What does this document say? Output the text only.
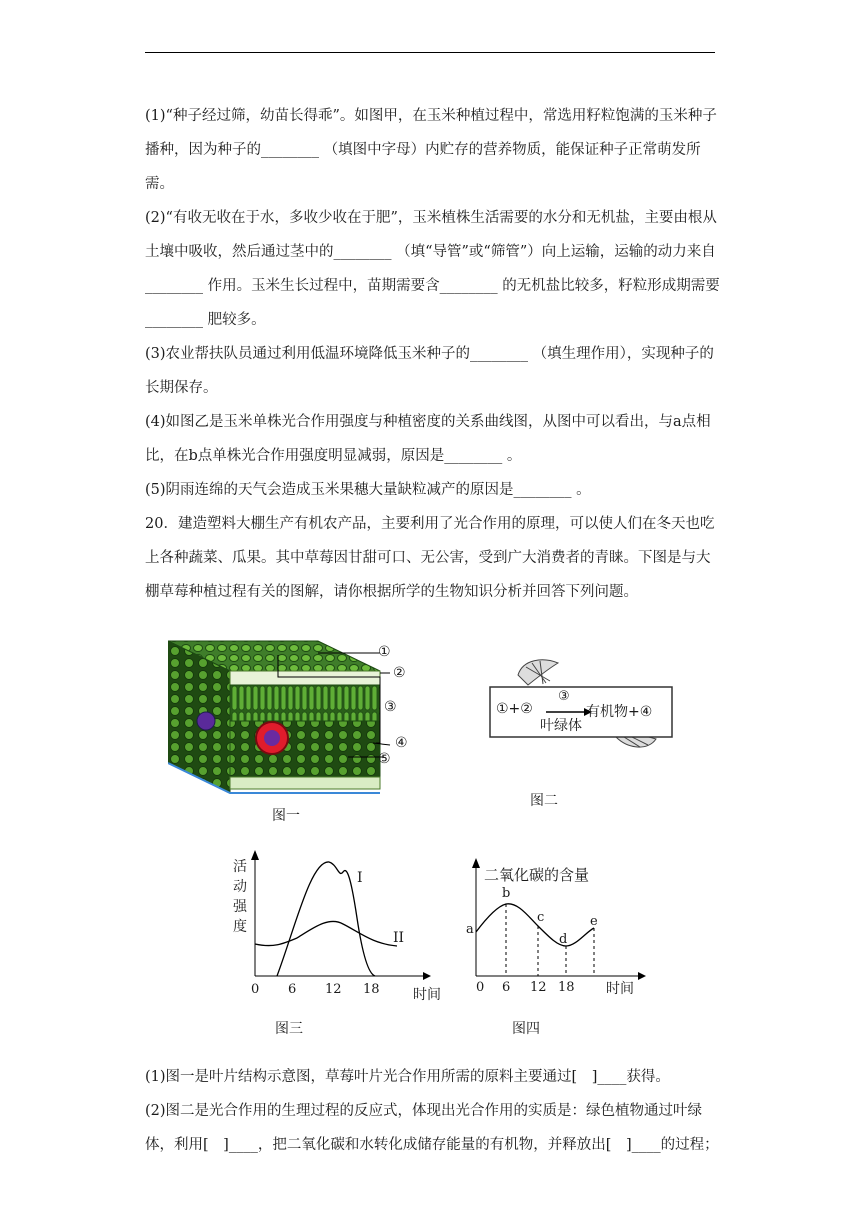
(1)“种子经过筛，幼苗长得乖”。如图甲，在玉米种植过程中，常选用籽粒饱满的玉米种子播种，因为种子的________ （填图中字母）内贮存的营养物质，能保证种子正常萌发所需。

(2)“有收无收在于水，多收少收在于肥”，玉米植株生活需要的水分和无机盐，主要由根从土壤中吸收，然后通过茎中的________ （填“导管”或“筛管”）向上运输，运输的动力来自________ 作用。玉米生长过程中，苗期需要含________ 的无机盐比较多，籽粒形成期需要________ 肥较多。

(3)农业帮扶队员通过利用低温环境降低玉米种子的________ （填生理作用），实现种子的长期保存。

(4)如图乙是玉米单株光合作用强度与种植密度的关系曲线图，从图中可以看出，与a点相比，在b点单株光合作用强度明显减弱，原因是________ 。

(5)阴雨连绵的天气会造成玉米果穗大量缺粒减产的原因是________ 。

20．建造塑料大棚生产有机农产品，主要利用了光合作用的原理，可以使人们在冬天也吃上各种蔬菜、瓜果。其中草莓因甘甜可口、无公害，受到广大消费者的青睐。下图是与大棚草莓种植过程有关的图解，请你根据所学的生物知识分析并回答下列问题。

①
②
③
④
⑤
图一
①+②
③
叶绿体
有机物+④
图二
活
动
强
度
I
II
0 6 12 18 时间
图三
二氧化碳的含量
a
b
c
d
e
0 6 12 18 时间
图四

(1)图一是叶片结构示意图，草莓叶片光合作用所需的原料主要通过[　]____获得。

(2)图二是光合作用的生理过程的反应式，体现出光合作用的实质是：绿色植物通过叶绿体，利用[　]____，把二氧化碳和水转化成储存能量的有机物，并释放出[　]____的过程；
